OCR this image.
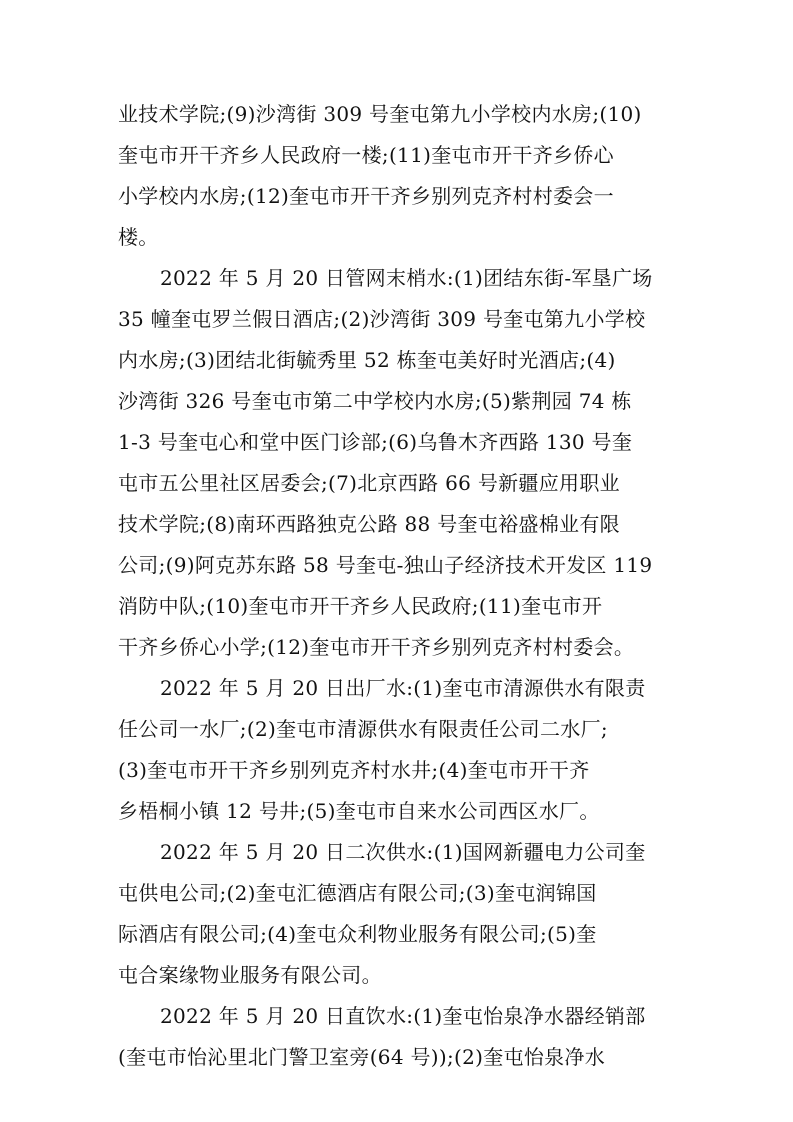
业技术学院;(9)沙湾街 309 号奎屯第九小学校内水房;(10)
奎屯市开干齐乡人民政府一楼;(11)奎屯市开干齐乡侨心
小学校内水房;(12)奎屯市开干齐乡别列克齐村村委会一
楼。
2022 年 5 月 20 日管网末梢水:(1)团结东街-军垦广场
35 幢奎屯罗兰假日酒店;(2)沙湾街 309 号奎屯第九小学校
内水房;(3)团结北街毓秀里 52 栋奎屯美好时光酒店;(4)
沙湾街 326 号奎屯市第二中学校内水房;(5)紫荆园 74 栋
1-3 号奎屯心和堂中医门诊部;(6)乌鲁木齐西路 130 号奎
屯市五公里社区居委会;(7)北京西路 66 号新疆应用职业
技术学院;(8)南环西路独克公路 88 号奎屯裕盛棉业有限
公司;(9)阿克苏东路 58 号奎屯-独山子经济技术开发区 119
消防中队;(10)奎屯市开干齐乡人民政府;(11)奎屯市开
干齐乡侨心小学;(12)奎屯市开干齐乡别列克齐村村委会。
2022 年 5 月 20 日出厂水:(1)奎屯市清源供水有限责
任公司一水厂;(2)奎屯市清源供水有限责任公司二水厂;
(3)奎屯市开干齐乡别列克齐村水井;(4)奎屯市开干齐
乡梧桐小镇 12 号井;(5)奎屯市自来水公司西区水厂。
2022 年 5 月 20 日二次供水:(1)国网新疆电力公司奎
屯供电公司;(2)奎屯汇德酒店有限公司;(3)奎屯润锦国
际酒店有限公司;(4)奎屯众利物业服务有限公司;(5)奎
屯合案缘物业服务有限公司。
2022 年 5 月 20 日直饮水:(1)奎屯怡泉净水器经销部
(奎屯市怡沁里北门警卫室旁(64 号));(2)奎屯怡泉净水
